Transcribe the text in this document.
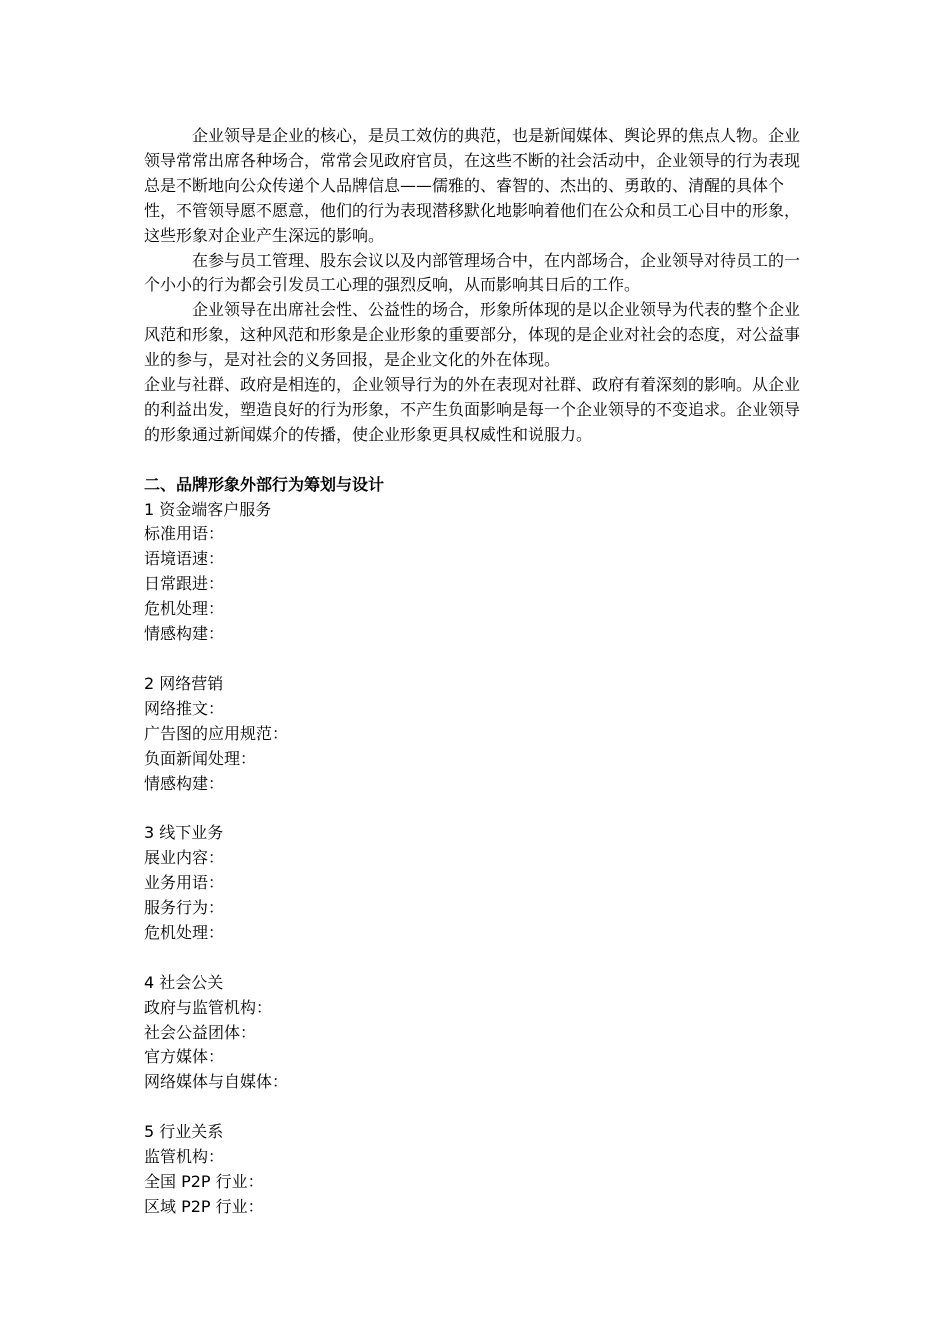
企业领导是企业的核心，是员工效仿的典范，也是新闻媒体、舆论界的焦点人物。企业领导常常出席各种场合，常常会见政府官员，在这些不断的社会活动中，企业领导的行为表现总是不断地向公众传递个人品牌信息——儒雅的、睿智的、杰出的、勇敢的、清醒的具体个性，不管领导愿不愿意，他们的行为表现潜移默化地影响着他们在公众和员工心目中的形象，这些形象对企业产生深远的影响。

在参与员工管理、股东会议以及内部管理场合中，在内部场合，企业领导对待员工的一个小小的行为都会引发员工心理的强烈反响，从而影响其日后的工作。

企业领导在出席社会性、公益性的场合，形象所体现的是以企业领导为代表的整个企业风范和形象，这种风范和形象是企业形象的重要部分，体现的是企业对社会的态度，对公益事业的参与，是对社会的义务回报，是企业文化的外在体现。

企业与社群、政府是相连的，企业领导行为的外在表现对社群、政府有着深刻的影响。从企业的利益出发，塑造良好的行为形象，不产生负面影响是每一个企业领导的不变追求。企业领导的形象通过新闻媒介的传播，使企业形象更具权威性和说服力。

二、品牌形象外部行为筹划与设计

1 资金端客户服务

标准用语：

语境语速：

日常跟进：

危机处理：

情感构建：

2 网络营销

网络推文：

广告图的应用规范：

负面新闻处理：

情感构建：

3 线下业务

展业内容：

业务用语：

服务行为：

危机处理：

4 社会公关

政府与监管机构：

社会公益团体：

官方媒体：

网络媒体与自媒体：

5 行业关系

监管机构：

全国 P2P 行业：

区域 P2P 行业：
